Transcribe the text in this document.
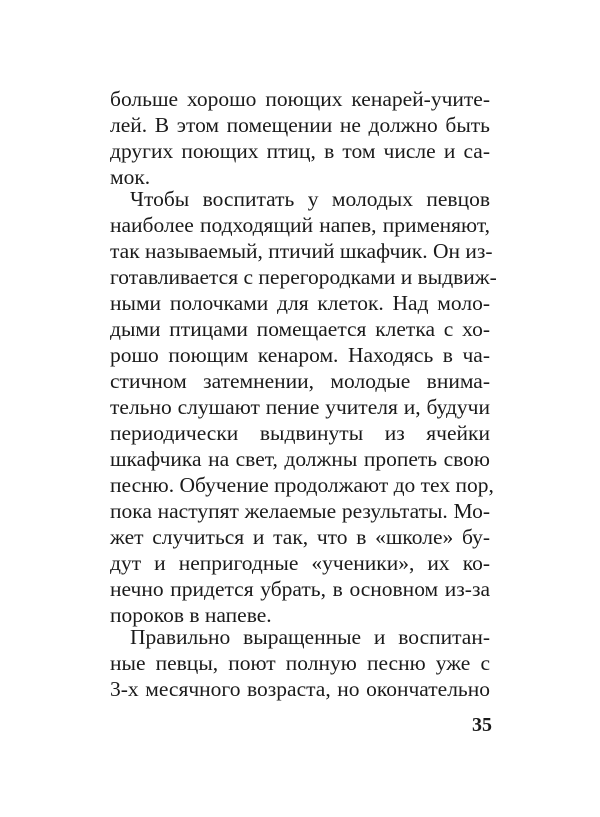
больше хорошо поющих кенарей-учите-
лей. В этом помещении не должно быть
других поющих птиц, в том числе и са-
мок.
Чтобы воспитать у молодых певцов
наиболее подходящий напев, применяют,
так называемый, птичий шкафчик. Он из-
готавливается с перегородками и выдвиж-
ными полочками для клеток. Над моло-
дыми птицами помещается клетка с хо-
рошо поющим кенаром. Находясь в ча-
стичном затемнении, молодые внима-
тельно слушают пение учителя и, будучи
периодически выдвинуты из ячейки
шкафчика на свет, должны пропеть свою
песню. Обучение продолжают до тех пор,
пока наступят желаемые результаты. Мо-
жет случиться и так, что в «школе» бу-
дут и непригодные «ученики», их ко-
нечно придется убрать, в основном из-за
пороков в напеве.
Правильно выращенные и воспитан-
ные певцы, поют полную песню уже с
3-х месячного возраста, но окончательно
35
